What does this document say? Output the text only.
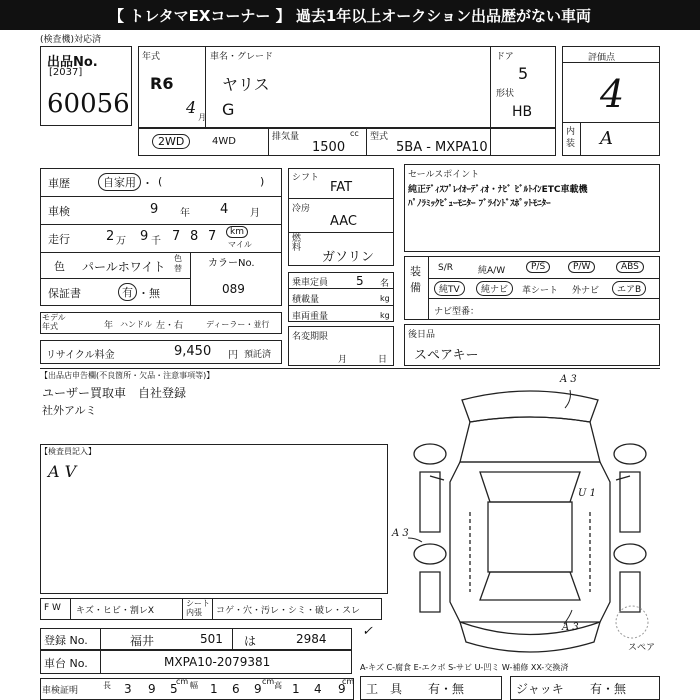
【 トレタマEXコーナー 】 過去1年以上オークション出品歴がない車両
(検査機)対応済
出品No.
[2037]
60056
年式
R6
4
月
車名・グレード
ヤリス
G
ドア
5
形状
HB
評価点
4
内装 A
2WD	4WD	排気量	cc
1500
型式
5BA - MXPA10
車歴	自家用 ・ (	)
車検	9 年 4 月
走行	2 万 9 千 7 8 7	km
マイル
色 パールホワイト
色替	カラーNo.
089
保証書	有 ・無
モデル年式	年 ハンドル 左・右	ディーラー・並行
リサイクル料金	9,450 円 預託済
シフト
FAT
冷房
AAC
燃料
ガソリン
乗車定員 5 名
積載量	kg
車両重量	kg
名変期限
月	日
セールスポイント
純正ﾃﾞｨｽﾌﾟﾚｲｵｰﾃﾞｨｵ・ﾅﾋﾞ ﾋﾞﾙﾄｲﾝETC車載機
ﾊﾟﾉﾗﾐｯｸﾋﾞｭｰﾓﾆﾀｰ ﾌﾞﾗｲﾝﾄﾞｽﾎﾟｯﾄﾓﾆﾀｰ
装備
S/R	純A/W	P/S	P/W	ABS
純TV	純ナビ	革シート 外ナビ	エアB
ナビ型番：
後日品
スペアキー
【出品店申告欄(不良箇所・欠品・注意事項等)】
ユーザー買取車　自社登録
社外アルミ
【検査員記入】
A V
A 3
A 3
A 3
U 1
スペア
F W キズ・ヒビ・割レX
シート内張	コゲ・穴・汚レ・シミ・破レ・スレ
登録 No.	福井	501 は	2984	✓
車台 No.	MXPA10-2079381	A-キズ C-腐食 E-エクボ S-サビ U-凹ミ W-補修 XX-交換済
車検証明
長 3 9 5
cm 幅 1 6 9
cm 高 1 4 9
cm
工　具 有・無	ジャッキ 有・無
